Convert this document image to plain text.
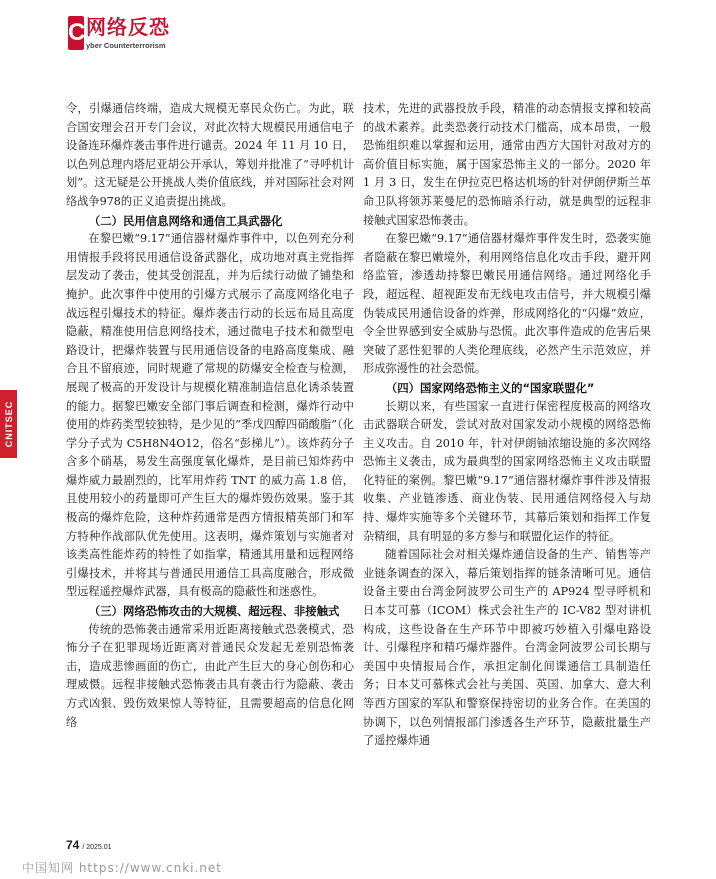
C 网络反恐
yber Counterterrorism
CNITSEC

令，引爆通信终端，造成大规模无辜民众伤亡。为此，联合国安理会召开专门会议，对此次特大规模民用通信电子设备连环爆炸袭击事件进行谴责。2024 年 11 月 10 日，以色列总理内塔尼亚胡公开承认，筹划并批准了“寻呼机计划”。这无疑是公开挑战人类价值底线，并对国际社会对网络战争978的正义追责提出挑战。

（二）民用信息网络和通信工具武器化

在黎巴嫩“9.17”通信器材爆炸事件中，以色列充分利用情报手段将民用通信设备武器化，成功地对真主党指挥层发动了袭击，使其受创混乱，并为后续行动做了铺垫和掩护。此次事件中使用的引爆方式展示了高度网络化电子战远程引爆技术的特征。爆炸袭击行动的长远布局且高度隐蔽，精准使用信息网络技术，通过微电子技术和微型电路设计，把爆炸装置与民用通信设备的电路高度集成、融合且不留痕迹，同时规避了常规的防爆安全检查与检测，展现了极高的开发设计与规模化精准制造信息化诱杀装置的能力。据黎巴嫩安全部门事后调查和检测，爆炸行动中使用的炸药类型较独特，是少见的“季戊四醇四硝酸脂”（化学分子式为 C5H8N4O12，俗名“彭梯儿”）。该炸药分子含多个硝基，易发生高强度氧化爆炸，是目前已知炸药中爆炸威力最剧烈的，比军用炸药 TNT 的威力高 1.8 倍，且使用较小的药量即可产生巨大的爆炸毁伤效果。鉴于其极高的爆炸危险，这种炸药通常是西方情报精英部门和军方特种作战部队优先使用。这表明，爆炸策划与实施者对该类高性能炸药的特性了如指掌，精通其用量和远程网络引爆技术，并将其与普通民用通信工具高度融合，形成微型远程遥控爆炸武器，具有极高的隐蔽性和迷惑性。

（三）网络恐怖攻击的大规模、超远程、非接触式

传统的恐怖袭击通常采用近距离接触式恐袭模式，恐怖分子在犯罪现场近距离对普通民众发起无差别恐怖袭击，造成悲惨画面的伤亡，由此产生巨大的身心创伤和心理威慑。远程非接触式恐怖袭击具有袭击行为隐蔽、袭击方式凶狠、毁伤效果惊人等特征，且需要超高的信息化网络

技术，先进的武器投放手段，精准的动态情报支撑和较高的战术素养。此类恐袭行动技术门槛高，成本昂贵，一般恐怖组织难以掌握和运用，通常由西方大国针对敌对方的高价值目标实施，属于国家恐怖主义的一部分。2020 年 1 月 3 日，发生在伊拉克巴格达机场的针对伊朗伊斯兰革命卫队将领苏莱曼尼的恐怖暗杀行动，就是典型的远程非接触式国家恐怖袭击。

在黎巴嫩“9.17”通信器材爆炸事件发生时，恐袭实施者隐蔽在黎巴嫩境外，利用网络信息化攻击手段，避开网络监管，渗透劫持黎巴嫩民用通信网络。通过网络化手段，超远程、超视距发布无线电攻击信号，并大规模引爆伪装成民用通信设备的炸弹，形成网络化的“闪爆”效应，令全世界感到安全威胁与恐慌。此次事件造成的危害后果突破了恶性犯罪的人类伦理底线，必然产生示范效应，并形成弥漫性的社会恐慌。

（四）国家网络恐怖主义的“国家联盟化”

长期以来，有些国家一直进行保密程度极高的网络攻击武器联合研发，尝试对敌对国家发动小规模的网络恐怖主义攻击。自 2010 年，针对伊朗铀浓缩设施的多次网络恐怖主义袭击，成为最典型的国家网络恐怖主义攻击联盟化特征的案例。黎巴嫩“9.17”通信器材爆炸事件涉及情报收集、产业链渗透、商业伪装、民用通信网络侵入与劫持、爆炸实施等多个关键环节，其幕后策划和指挥工作复杂精细，具有明显的多方参与和联盟化运作的特征。

随着国际社会对相关爆炸通信设备的生产、销售等产业链条调查的深入，幕后策划指挥的链条清晰可见。通信设备主要由台湾金阿波罗公司生产的 AP924 型寻呼机和日本艾可慕（ICOM）株式会社生产的 IC-V82 型对讲机构成，这些设备在生产环节中即被巧妙植入引爆电路设计、引爆程序和精巧爆炸器件。台湾金阿波罗公司长期与美国中央情报局合作，承担定制化间谍通信工具制造任务；日本艾可慕株式会社与美国、英国、加拿大、意大利等西方国家的军队和警察保持密切的业务合作。在美国的协调下，以色列情报部门渗透各生产环节，隐蔽批量生产了遥控爆炸通

74 / 2025.01
中国知网 https://www.cnki.net
